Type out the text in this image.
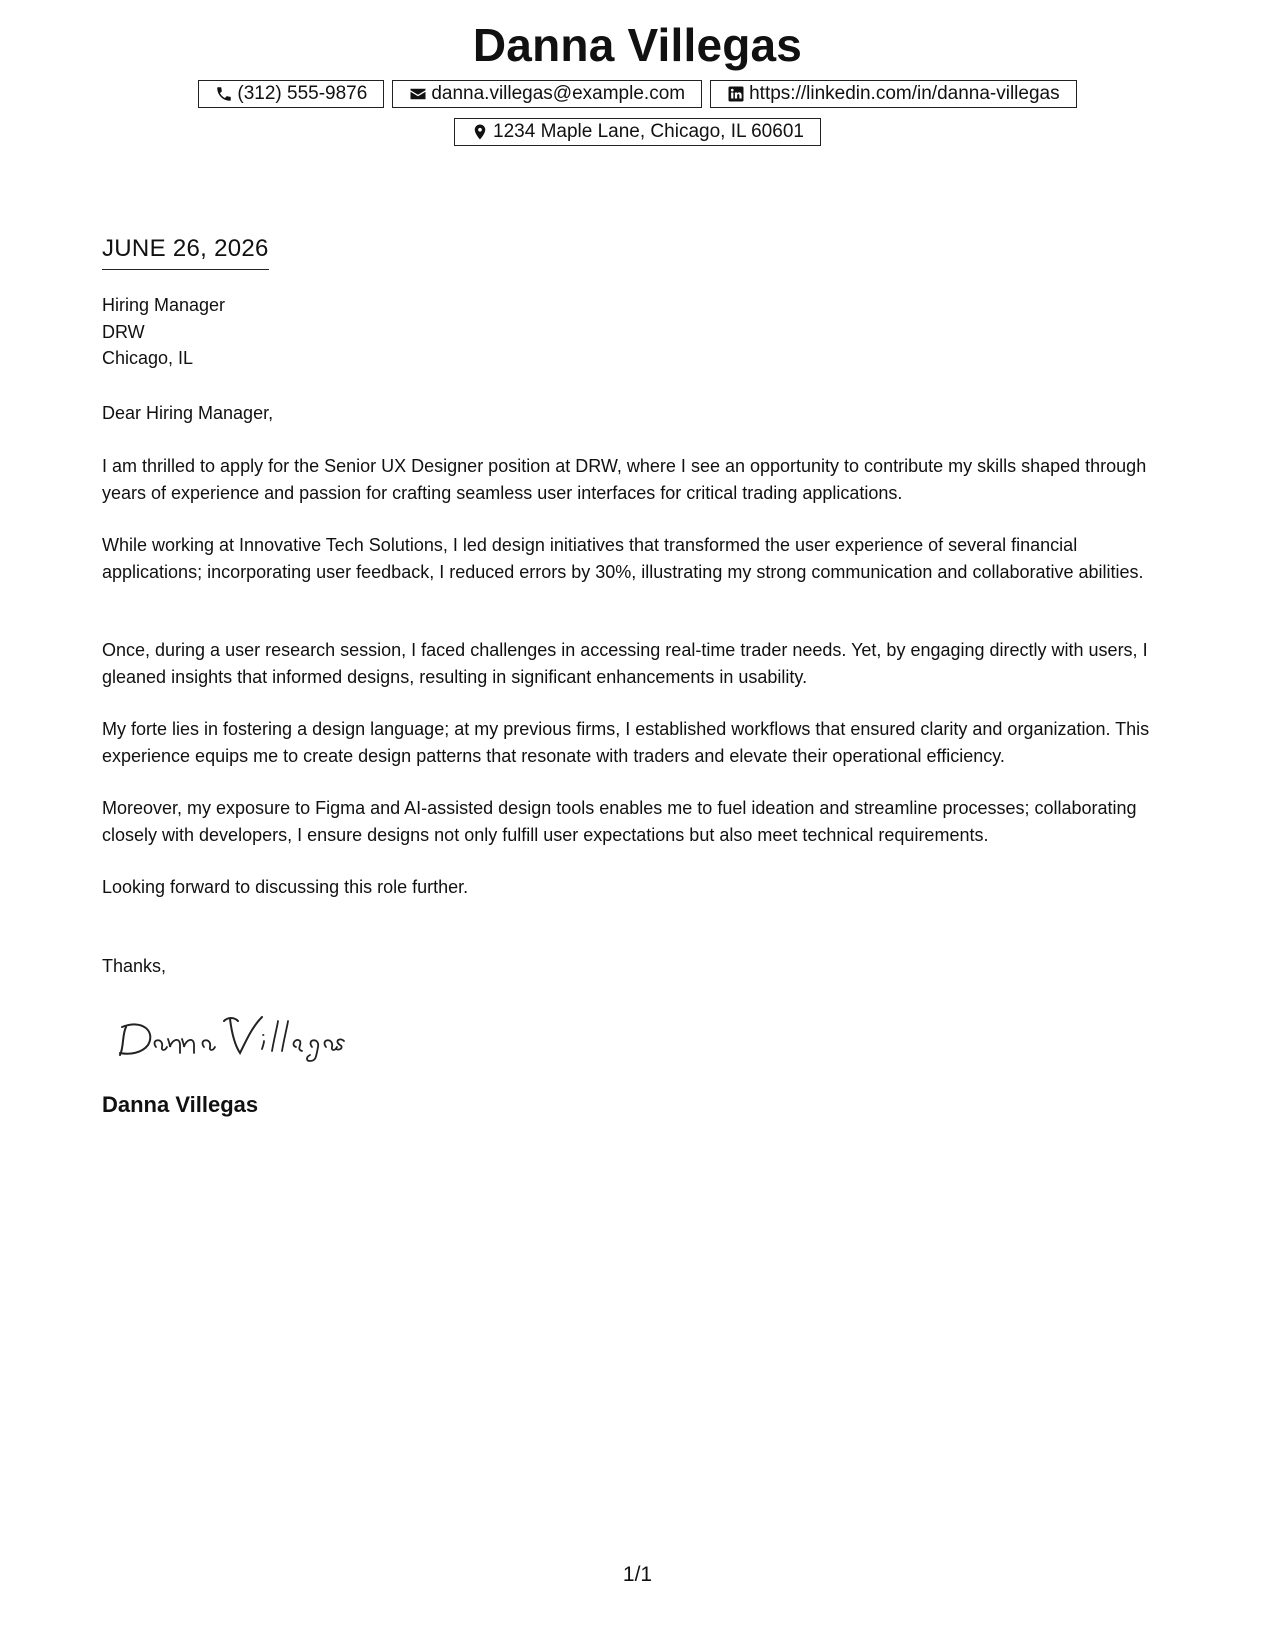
Danna Villegas
(312) 555-9876	danna.villegas@example.com	https://linkedin.com/in/danna-villegas
1234 Maple Lane, Chicago, IL 60601
JUNE 26, 2026
Hiring Manager
DRW
Chicago, IL

Dear Hiring Manager,

I am thrilled to apply for the Senior UX Designer position at DRW, where I see an opportunity to contribute my skills shaped through years of experience and passion for crafting seamless user interfaces for critical trading applications.

While working at Innovative Tech Solutions, I led design initiatives that transformed the user experience of several financial applications; incorporating user feedback, I reduced errors by 30%, illustrating my strong communication and collaborative abilities.

Once, during a user research session, I faced challenges in accessing real-time trader needs. Yet, by engaging directly with users, I gleaned insights that informed designs, resulting in significant enhancements in usability.

My forte lies in fostering a design language; at my previous firms, I established workflows that ensured clarity and organization. This experience equips me to create design patterns that resonate with traders and elevate their operational efficiency.

Moreover, my exposure to Figma and AI-assisted design tools enables me to fuel ideation and streamline processes; collaborating closely with developers, I ensure designs not only fulfill user expectations but also meet technical requirements.

Looking forward to discussing this role further.

Thanks,

Danna Villegas
1/1
